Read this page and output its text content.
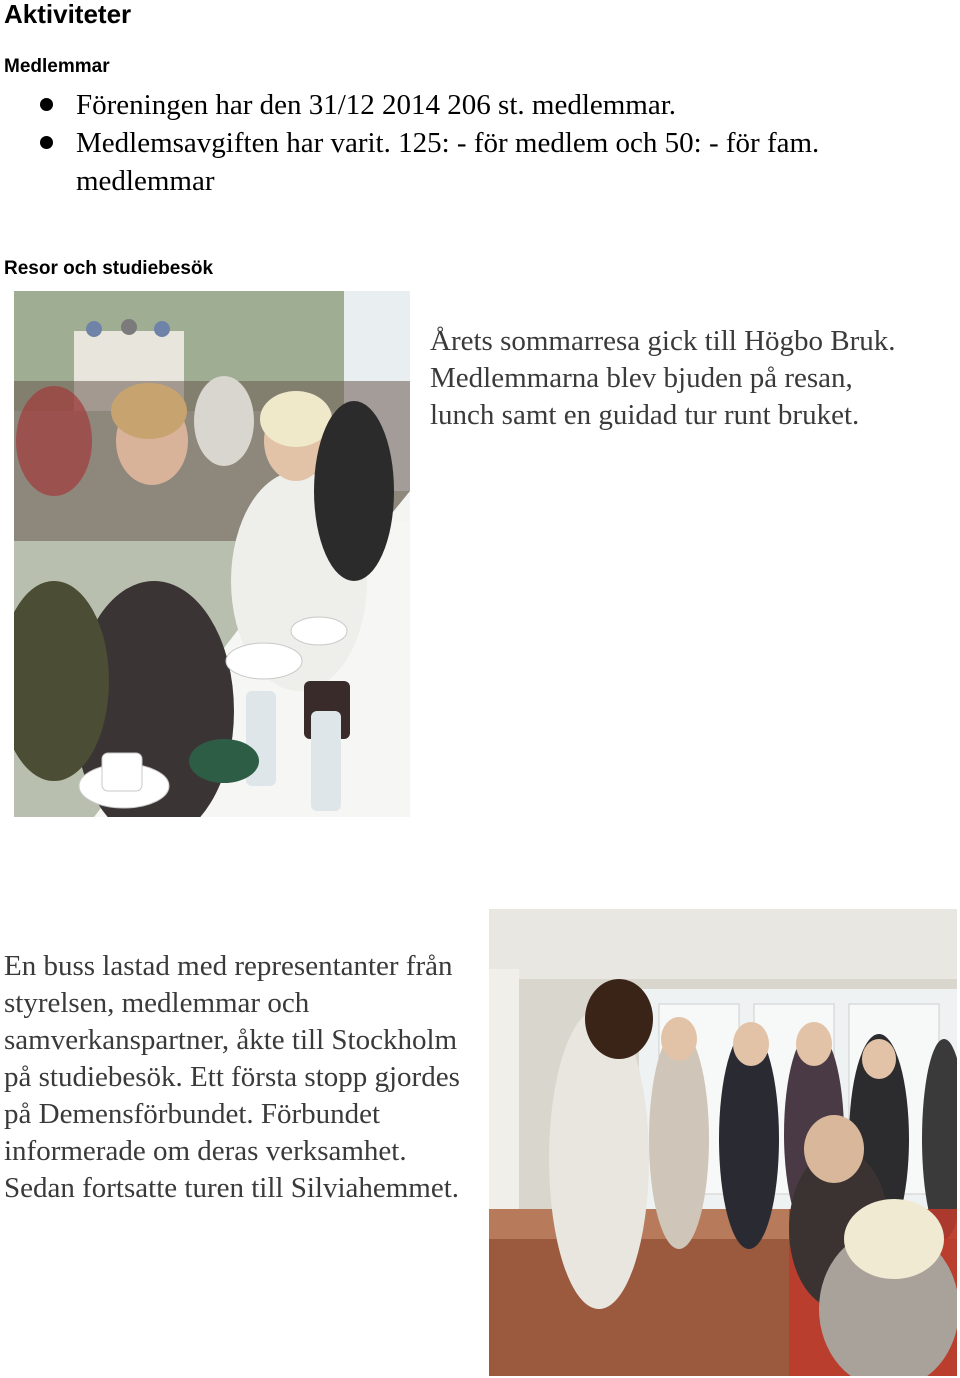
Aktiviteter
Medlemmar
Föreningen har den 31/12 2014 206 st. medlemmar.
Medlemsavgiften har varit. 125: - för medlem och 50: - för fam. medlemmar
Resor och studiebesök

Årets sommarresa gick till Högbo Bruk. Medlemmarna blev bjuden på resan, lunch samt en guidad tur runt bruket.

En buss lastad med representanter från styrelsen, medlemmar och samverkanspartner, åkte till Stockholm på studiebesök. Ett första stopp gjordes på Demensförbundet. Förbundet informerade om deras verksamhet. Sedan fortsatte turen till Silviahemmet.
